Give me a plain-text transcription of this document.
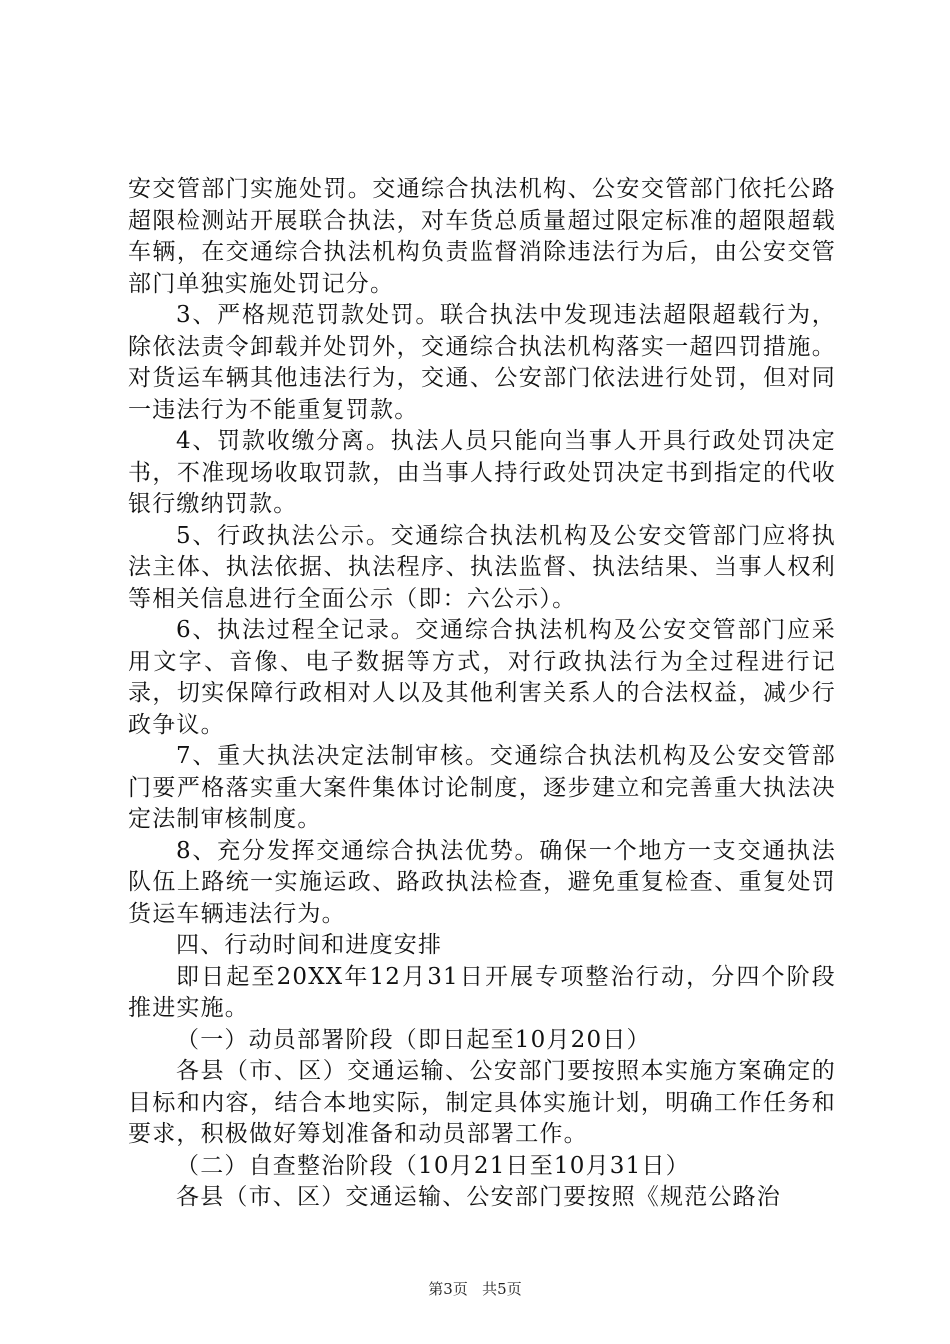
安交管部门实施处罚。交通综合执法机构、公安交管部门依托公路超限检测站开展联合执法，对车货总质量超过限定标准的超限超载车辆，在交通综合执法机构负责监督消除违法行为后，由公安交管部门单独实施处罚记分。

3、严格规范罚款处罚。联合执法中发现违法超限超载行为，除依法责令卸载并处罚外，交通综合执法机构落实一超四罚措施。对货运车辆其他违法行为，交通、公安部门依法进行处罚，但对同一违法行为不能重复罚款。

4、罚款收缴分离。执法人员只能向当事人开具行政处罚决定书，不准现场收取罚款，由当事人持行政处罚决定书到指定的代收银行缴纳罚款。

5、行政执法公示。交通综合执法机构及公安交管部门应将执法主体、执法依据、执法程序、执法监督、执法结果、当事人权利等相关信息进行全面公示（即：六公示）。

6、执法过程全记录。交通综合执法机构及公安交管部门应采用文字、音像、电子数据等方式，对行政执法行为全过程进行记录，切实保障行政相对人以及其他利害关系人的合法权益，减少行政争议。

7、重大执法决定法制审核。交通综合执法机构及公安交管部门要严格落实重大案件集体讨论制度，逐步建立和完善重大执法决定法制审核制度。

8、充分发挥交通综合执法优势。确保一个地方一支交通执法队伍上路统一实施运政、路政执法检查，避免重复检查、重复处罚货运车辆违法行为。

四、行动时间和进度安排

即日起至20XX年12月31日开展专项整治行动，分四个阶段推进实施。

（一）动员部署阶段（即日起至10月20日）

各县（市、区）交通运输、公安部门要按照本实施方案确定的目标和内容，结合本地实际，制定具体实施计划，明确工作任务和要求，积极做好筹划准备和动员部署工作。

（二）自查整治阶段（10月21日至10月31日）

各县（市、区）交通运输、公安部门要按照《规范公路治

第3页 共5页
